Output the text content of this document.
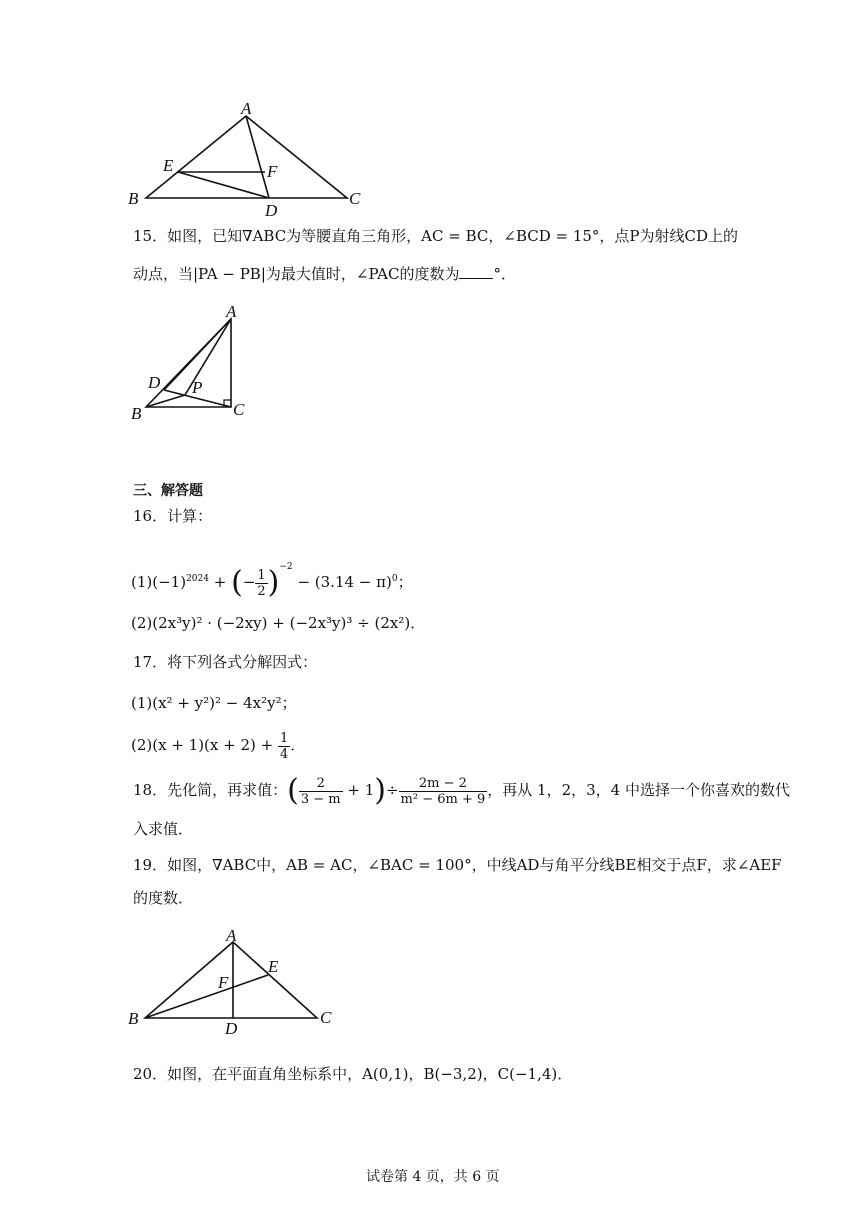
A
B	C
D
E	F
15．如图，已知∇ABC为等腰直角三角形，AC = BC，∠BCD = 15°，点P为射线CD上的
动点，当|PA − PB|为最大值时，∠PAC的度数为 °．
A
B	C
D P
三、解答题
16．计算：
$(1)(-1)^{2024}$ + (− $\frac{1}{2} )^{-2} - (3.14 - \pi)^0$；
(2)(2x³y)² · (−2xy) + (−2x³y)³ ÷ (2x²)．
17．将下列各式分解因式：
(1)(x² + y²)² − 4x²y²；
$(2)(x + 1)(x + 2) + \frac{1}{4}$ ．
18．先化简，再求值：( $\frac{2}{3 - m} + 1)\div \frac{2m - 2}{\text{m² − 6m + 9}}$ ，再从 1，2，3，4 中选择一个你喜欢的数代
入求值．
19．如图，∇ABC中，AB = AC，∠BAC = 100°，中线AD与角平分线BE相交于点F，求∠AEF
的度数．
A
B	C
D
E
F
20．如图，在平面直角坐标系中，A(0,1)，B(−3,2)，C(−1,4)．
试卷第 4 页，共 6 页
